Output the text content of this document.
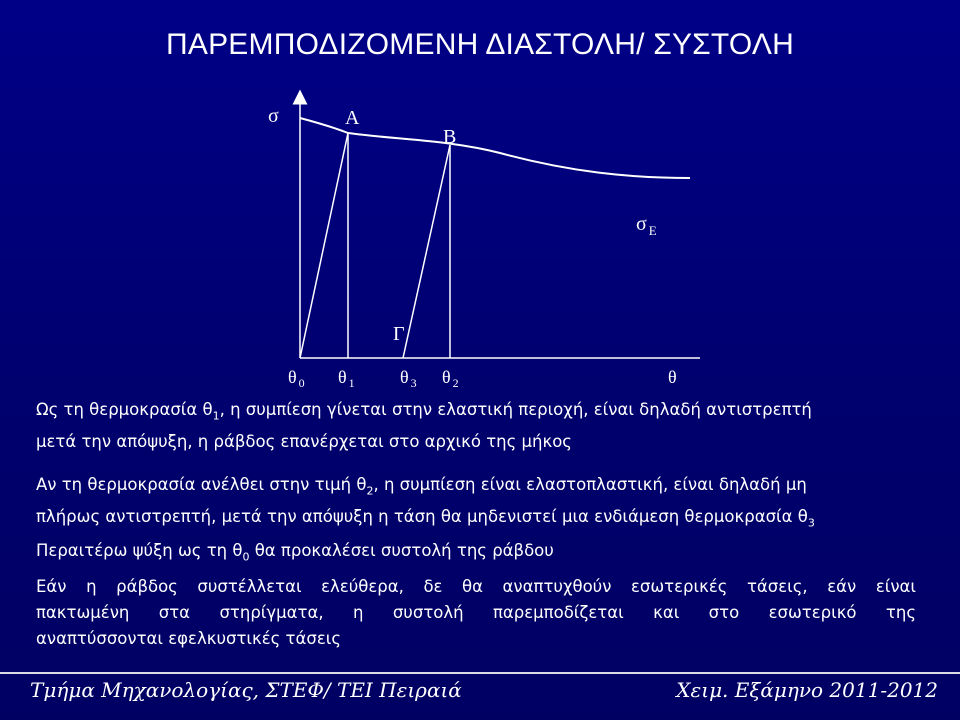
ΠΑΡΕΜΠΟΔΙΖΟΜΕΝΗ ΔΙΑΣΤΟΛΗ/ ΣΥΣΤΟΛΗ
σ	A
B
σ $_E$
Γ
θ $_0$ θ $_1$	θ $_3$ θ $_2$	θ
Ως τη θερμοκρασία $\theta_1$, η συμπίεση γίνεται στην ελαστική περιοχή, είναι δηλαδή αντιστρεπτή
μετά την απόψυξη, η ράβδος επανέρχεται στο αρχικό της μήκος
Αν τη θερμοκρασία ανέλθει στην τιμή $\theta_2$, η συμπίεση είναι ελαστοπλαστική, είναι δηλαδή μη
πλήρως αντιστρεπτή, μετά την απόψυξη η τάση θα μηδενιστεί μια ενδιάμεση θερμοκρασία $\theta_3$
Περαιτέρω ψύξη ως τη $\theta_0$ θα προκαλέσει συστολή της ράβδου
Εάν η ράβδος συστέλλεται ελεύθερα, δε θα αναπτυχθούν εσωτερικές τάσεις, εάν είναι
πακτωμένη στα στηρίγματα, η συστολή παρεμποδίζεται και στο εσωτερικό της
αναπτύσσονται εφελκυστικές τάσεις
Τμήμα Μηχανολογίας, ΣΤΕΦ/ ΤΕΙ Πειραιά	Χειμ. Εξάμηνο 2011-2012
